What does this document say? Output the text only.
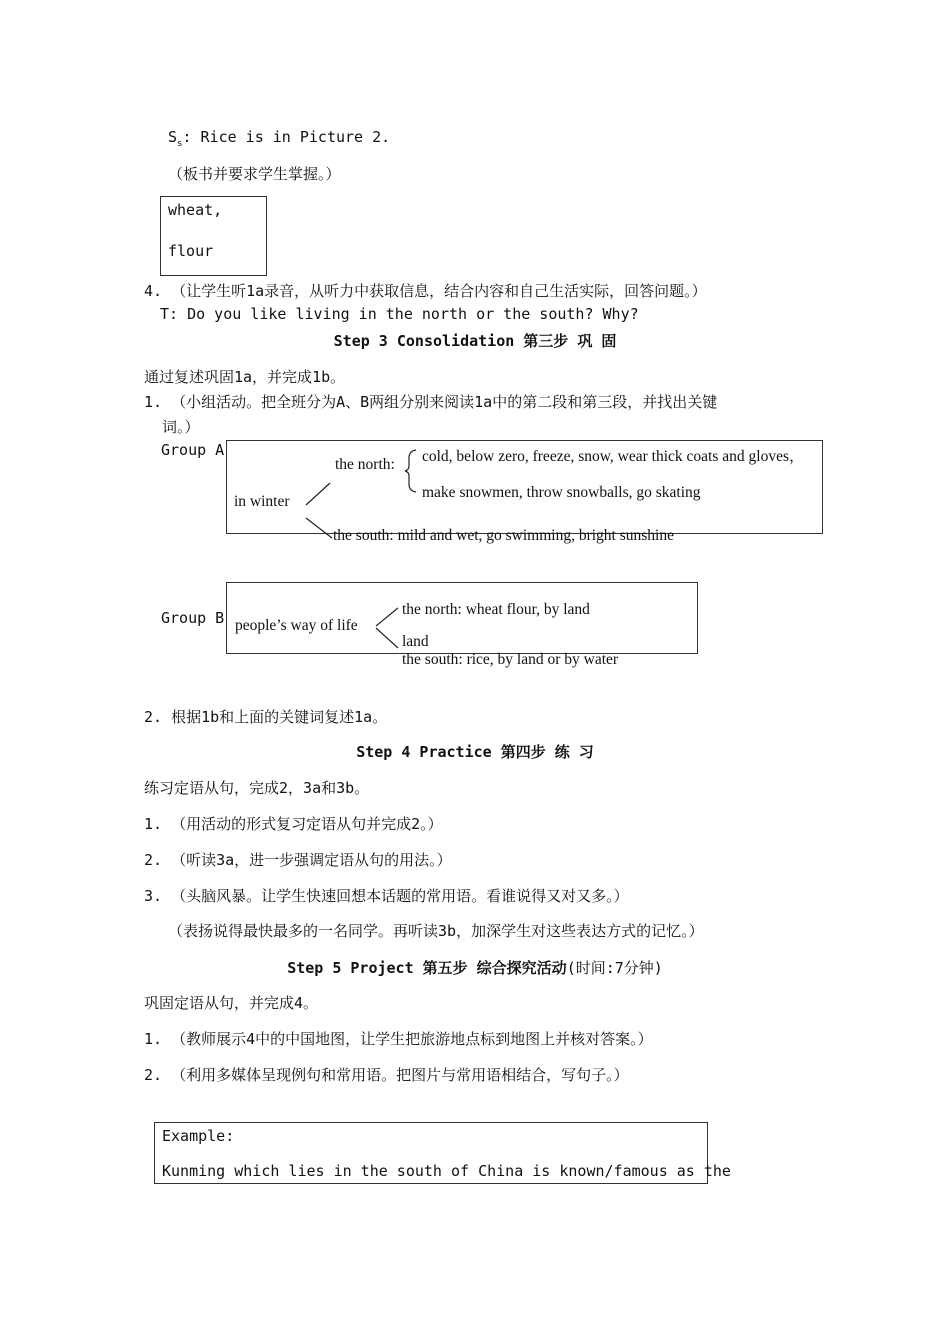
$S_s$: Rice is in Picture 2.
（板书并要求学生掌握。）
wheat,
flour
4. （让学生听1a录音，从听力中获取信息，结合内容和自己生活实际，回答问题。）
T: Do you like living in the north or the south? Why?
Step 3 Consolidation 第三步 巩 固
通过复述巩固1a，并完成1b。
1. （小组活动。把全班分为A、B两组分别来阅读1a中的第二段和第三段，并找出关键
词。）
Group A
in winter
the north: cold, below zero, freeze, snow, wear thick coats and gloves，
make snowmen, throw snowballs, go skating
the south: mild and wet, go swimming, bright sunshine
Group B people’s way of life
the north: wheat flour, by land
land
the south: rice, by land or by water
2. 根据1b和上面的关键词复述1a。
Step 4 Practice 第四步 练 习
练习定语从句，完成2，3a和3b。
1. （用活动的形式复习定语从句并完成2。）
2. （听读3a，进一步强调定语从句的用法。）
3. （头脑风暴。让学生快速回想本话题的常用语。看谁说得又对又多。）
（表扬说得最快最多的一名同学。再听读3b，加深学生对这些表达方式的记忆。）
Step 5 Project 第五步 综合探究活动(时间:7分钟)
巩固定语从句，并完成4。
1. （教师展示4中的中国地图，让学生把旅游地点标到地图上并核对答案。）
2. （利用多媒体呈现例句和常用语。把图片与常用语相结合，写句子。）
Example:
Kunming which lies in the south of China is known/famous as the
